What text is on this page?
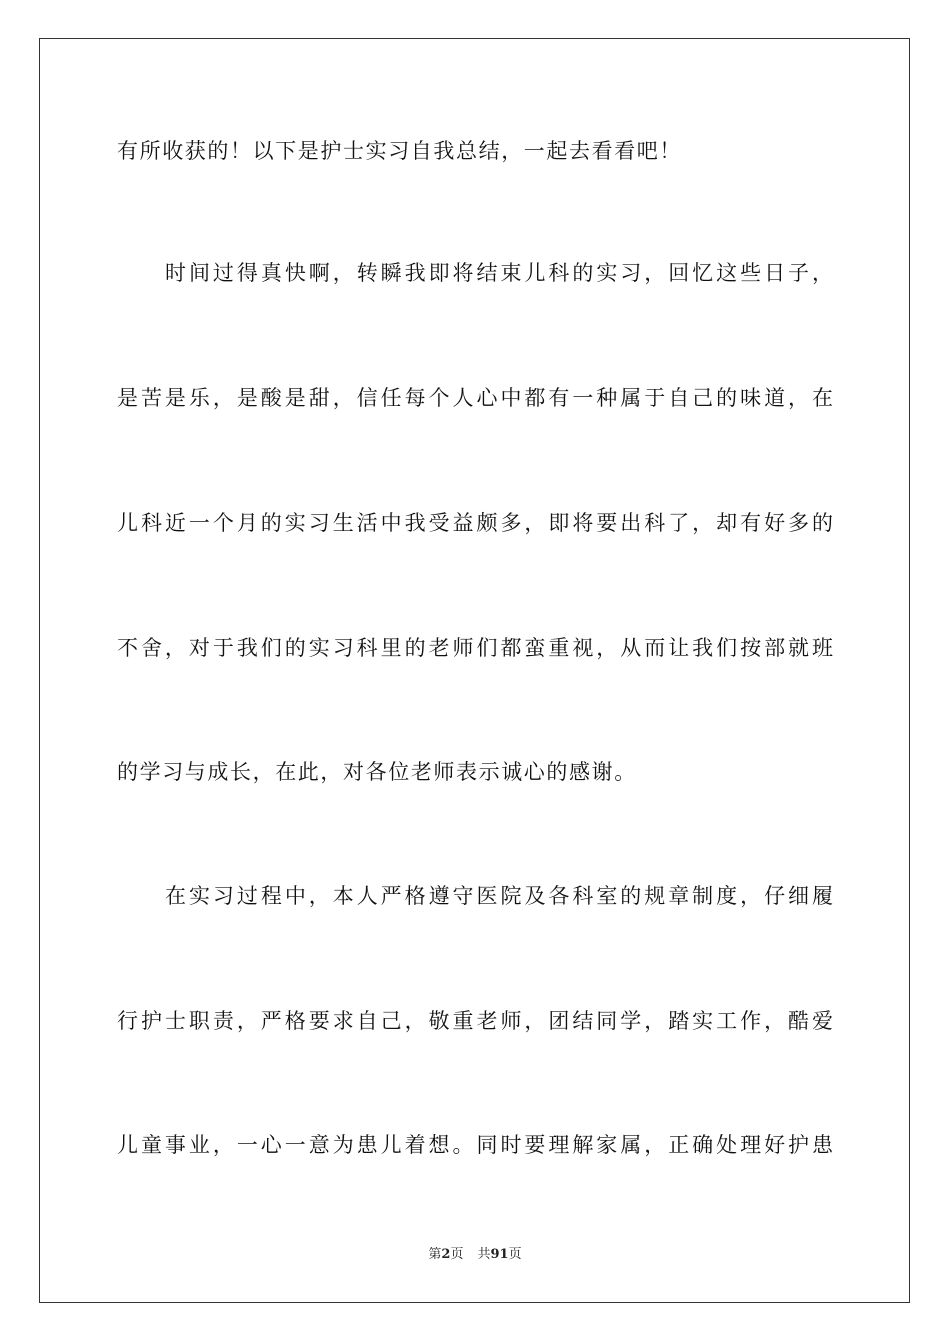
有所收获的！以下是护士实习自我总结，一起去看看吧！
时间过得真快啊，转瞬我即将结束儿科的实习，回忆这些日子，
是苦是乐，是酸是甜，信任每个人心中都有一种属于自己的味道，在
儿科近一个月的实习生活中我受益颇多，即将要出科了，却有好多的
不舍，对于我们的实习科里的老师们都蛮重视，从而让我们按部就班
的学习与成长，在此，对各位老师表示诚心的感谢。
在实习过程中，本人严格遵守医院及各科室的规章制度，仔细履
行护士职责，严格要求自己，敬重老师，团结同学，踏实工作，酷爱
儿童事业，一心一意为患儿着想。同时要理解家属，正确处理好护患
第2页 共91页
